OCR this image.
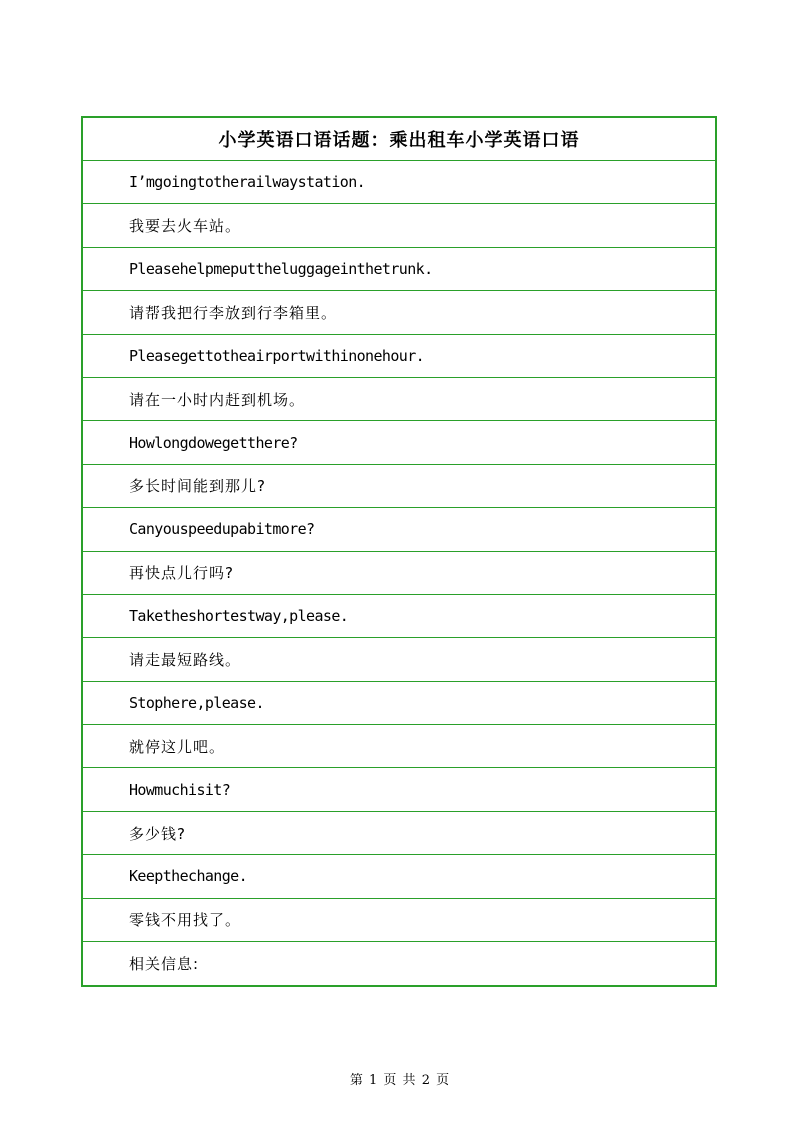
小学英语口语话题：乘出租车小学英语口语
I’mgoingtotherailwaystation.
我要去火车站。
Pleasehelpmeputtheluggageinthetrunk.
请帮我把行李放到行李箱里。
Pleasegettotheairportwithinonehour.
请在一小时内赶到机场。
Howlongdowegetthere?
多长时间能到那儿?
Canyouspeedupabitmore?
再快点儿行吗?
Taketheshortestway,please.
请走最短路线。
Stophere,please.
就停这儿吧。
Howmuchisit?
多少钱?
Keepthechange.
零钱不用找了。
相关信息:
第 1 页 共 2 页
